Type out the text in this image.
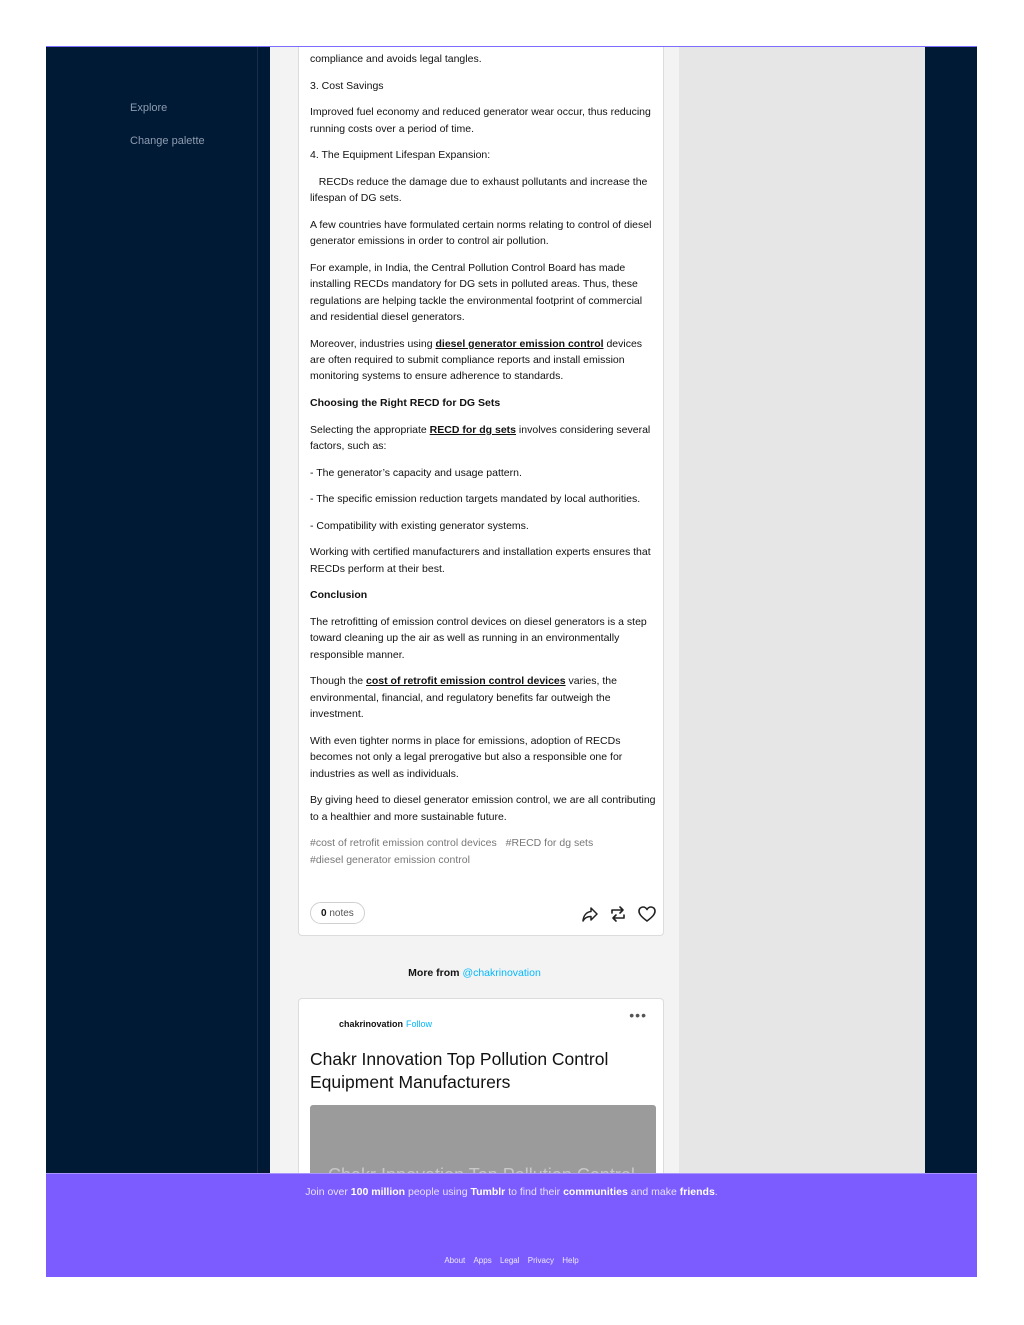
Explore
Change palette

compliance and avoids legal tangles.

3. Cost Savings

Improved fuel economy and reduced generator wear occur, thus reducing running costs over a period of time.

4. The Equipment Lifespan Expansion:

RECDs reduce the damage due to exhaust pollutants and increase the lifespan of DG sets.

A few countries have formulated certain norms relating to control of diesel generator emissions in order to control air pollution.

For example, in India, the Central Pollution Control Board has made installing RECDs mandatory for DG sets in polluted areas. Thus, these regulations are helping tackle the environmental footprint of commercial and residential diesel generators.

Moreover, industries using diesel generator emission control devices are often required to submit compliance reports and install emission monitoring systems to ensure adherence to standards.

Choosing the Right RECD for DG Sets

Selecting the appropriate RECD for dg sets involves considering several factors, such as:

- The generator’s capacity and usage pattern.

- The specific emission reduction targets mandated by local authorities.

- Compatibility with existing generator systems.

Working with certified manufacturers and installation experts ensures that RECDs perform at their best.

Conclusion

The retrofitting of emission control devices on diesel generators is a step toward cleaning up the air as well as running in an environmentally responsible manner.

Though the cost of retrofit emission control devices varies, the environmental, financial, and regulatory benefits far outweigh the investment.

With even tighter norms in place for emissions, adoption of RECDs becomes not only a legal prerogative but also a responsible one for industries as well as individuals.

By giving heed to diesel generator emission control, we are all contributing to a healthier and more sustainable future.

#cost of retrofit emission control devices #RECD for dg sets
#diesel generator emission control
0 notes
More from @chakrinovation
chakrinovation Follow
•••
Chakr Innovation Top Pollution Control Equipment Manufacturers
Join over 100 million people using Tumblr to find their communities and make friends.
About Apps Legal Privacy Help
